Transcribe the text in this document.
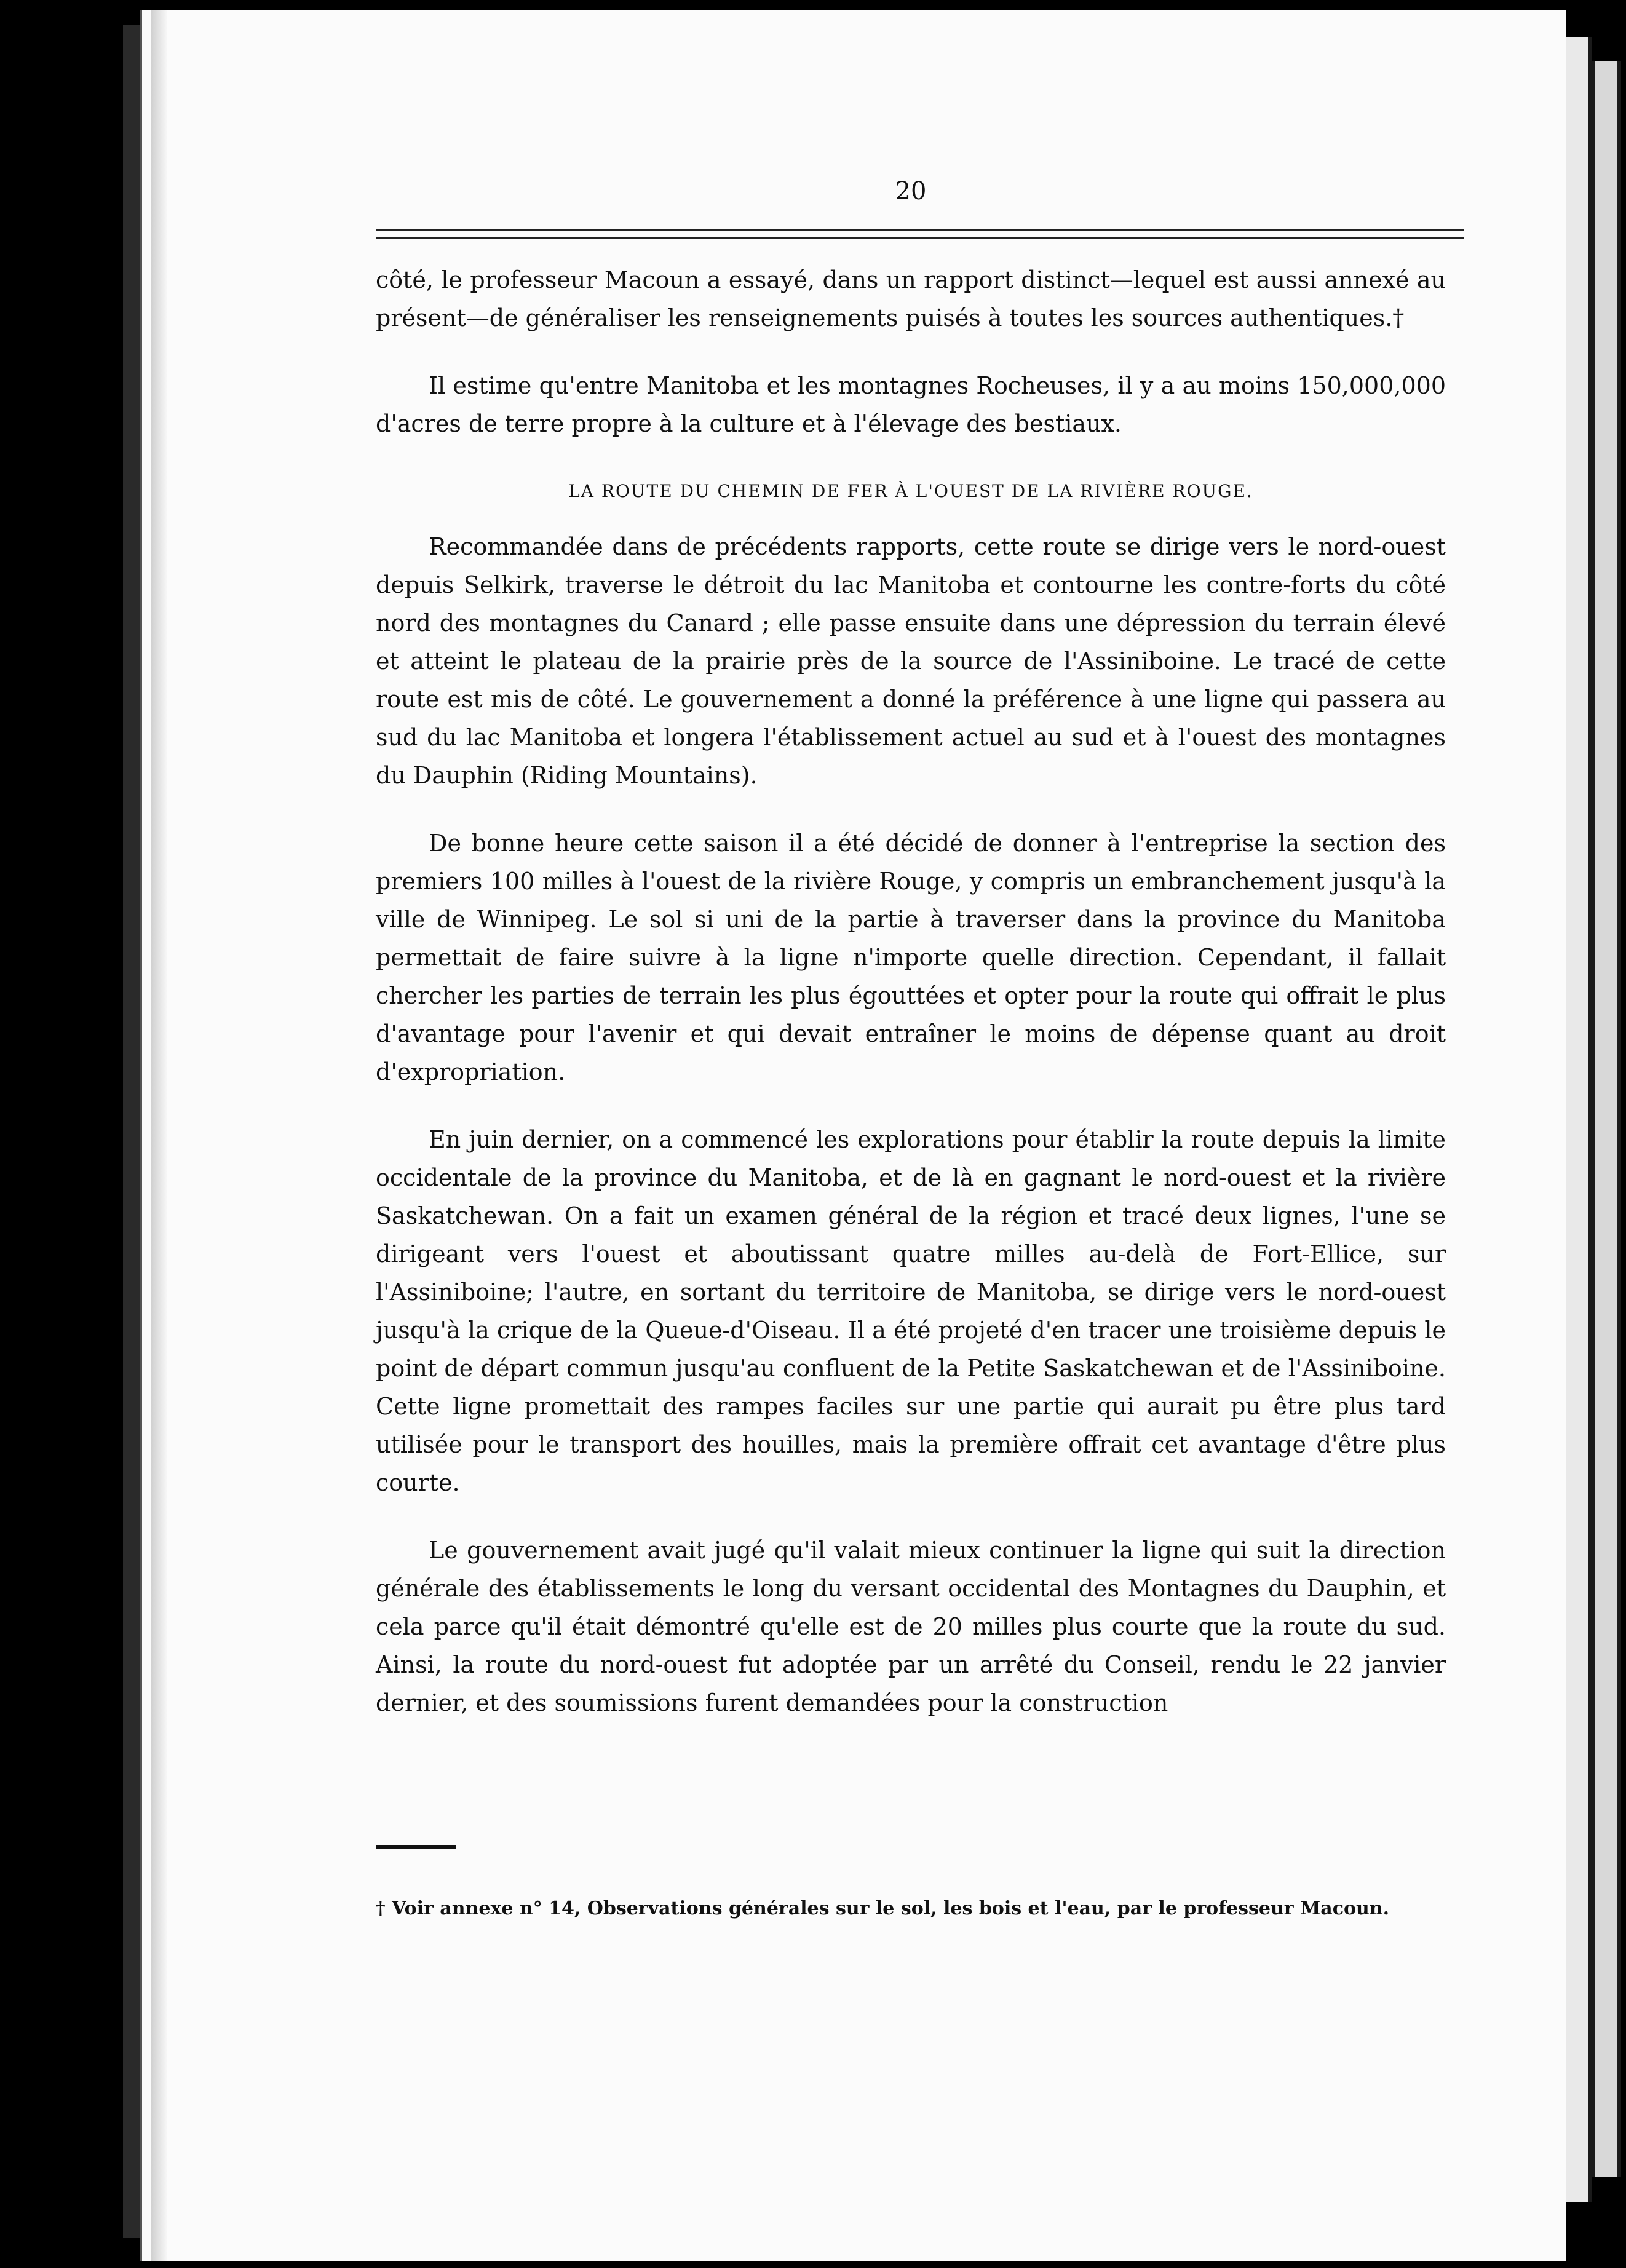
20

côté, le professeur Macoun a essayé, dans un rapport distinct—lequel est aussi annexé au présent—de généraliser les renseignements puisés à toutes les sources authentiques.†

Il estime qu'entre Manitoba et les montagnes Rocheuses, il y a au moins 150,000,000 d'acres de terre propre à la culture et à l'élevage des bestiaux.

LA ROUTE DU CHEMIN DE FER À L'OUEST DE LA RIVIÈRE ROUGE.

Recommandée dans de précédents rapports, cette route se dirige vers le nord-ouest depuis Selkirk, traverse le détroit du lac Manitoba et contourne les contre-forts du côté nord des montagnes du Canard ; elle passe ensuite dans une dépression du terrain élevé et atteint le plateau de la prairie près de la source de l'Assiniboine. Le tracé de cette route est mis de côté. Le gouvernement a donné la préférence à une ligne qui passera au sud du lac Manitoba et longera l'établissement actuel au sud et à l'ouest des montagnes du Dauphin (Riding Mountains).

De bonne heure cette saison il a été décidé de donner à l'entreprise la section des premiers 100 milles à l'ouest de la rivière Rouge, y compris un embranchement jusqu'à la ville de Winnipeg. Le sol si uni de la partie à traverser dans la province du Manitoba permettait de faire suivre à la ligne n'importe quelle direction. Cependant, il fallait chercher les parties de terrain les plus égouttées et opter pour la route qui offrait le plus d'avantage pour l'avenir et qui devait entraîner le moins de dépense quant au droit d'expropriation.

En juin dernier, on a commencé les explorations pour établir la route depuis la limite occidentale de la province du Manitoba, et de là en gagnant le nord-ouest et la rivière Saskatchewan. On a fait un examen général de la région et tracé deux lignes, l'une se dirigeant vers l'ouest et aboutissant quatre milles au-delà de Fort-Ellice, sur l'Assiniboine; l'autre, en sortant du territoire de Manitoba, se dirige vers le nord-ouest jusqu'à la crique de la Queue-d'Oiseau. Il a été projeté d'en tracer une troisième depuis le point de départ commun jusqu'au confluent de la Petite Saskatchewan et de l'Assiniboine. Cette ligne promettait des rampes faciles sur une partie qui aurait pu être plus tard utilisée pour le transport des houilles, mais la première offrait cet avantage d'être plus courte.

Le gouvernement avait jugé qu'il valait mieux continuer la ligne qui suit la direction générale des établissements le long du versant occidental des Montagnes du Dauphin, et cela parce qu'il était démontré qu'elle est de 20 milles plus courte que la route du sud. Ainsi, la route du nord-ouest fut adoptée par un arrêté du Conseil, rendu le 22 janvier dernier, et des soumissions furent demandées pour la construction

† Voir annexe n° 14, Observations générales sur le sol, les bois et l'eau, par le professeur Macoun.
